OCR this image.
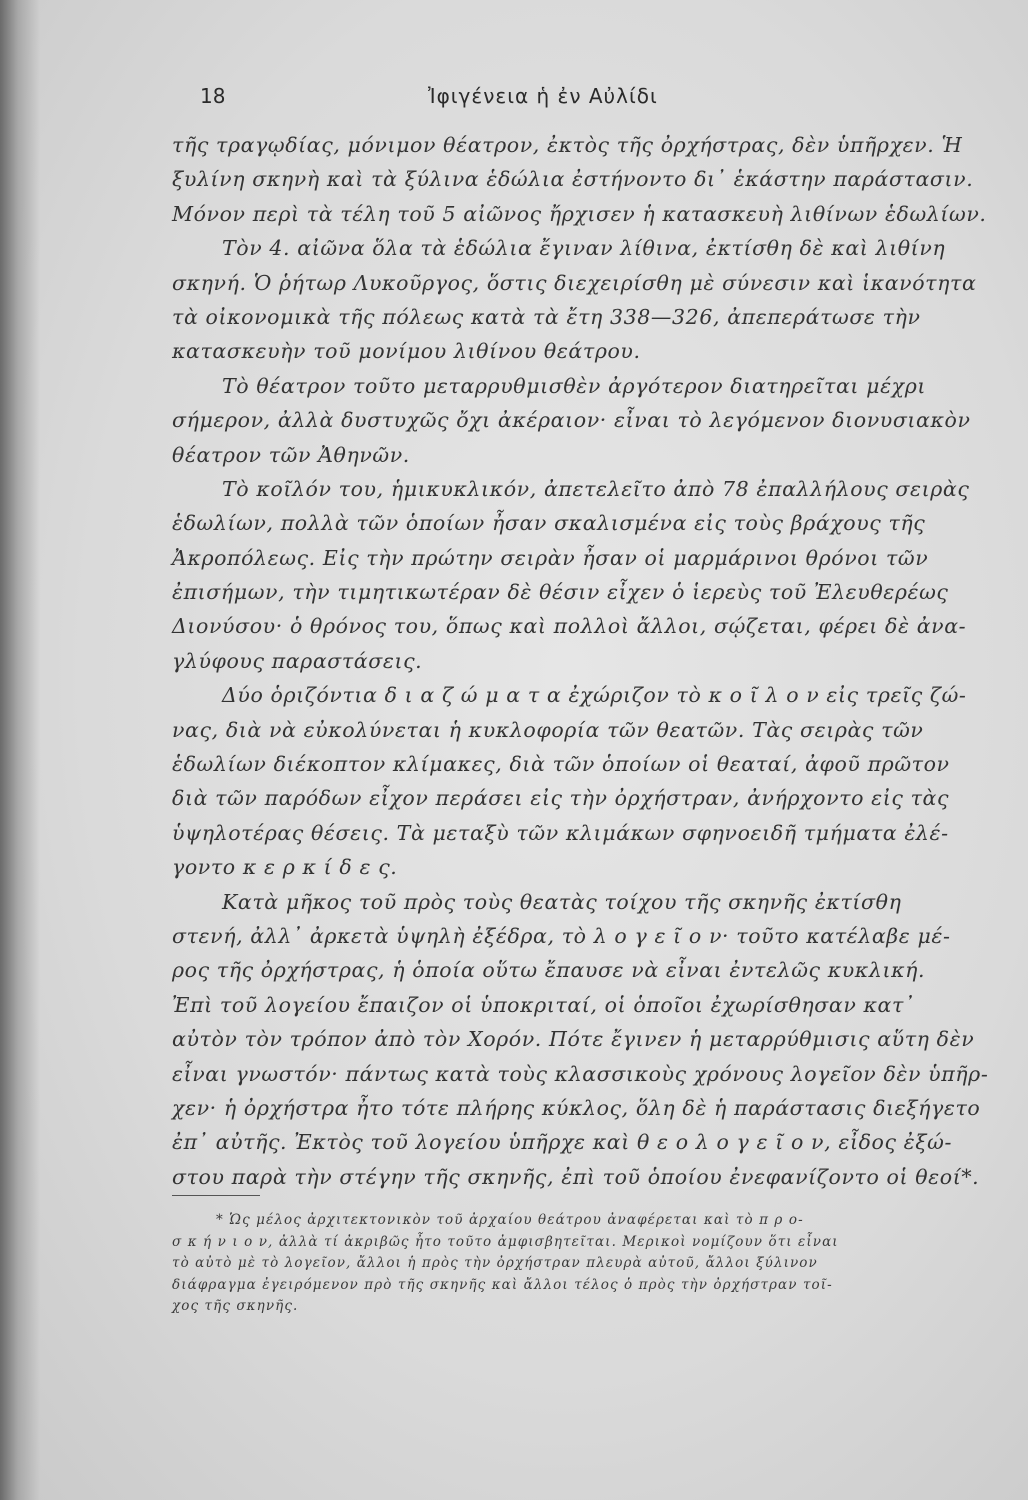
18	Ἰφιγένεια ἡ ἐν Αὐλίδι
τῆς τραγῳδίας, μόνιμον θέατρον, ἐκτὸς τῆς ὀρχήστρας, δὲν ὑπῆρχεν. Ἡ
ξυλίνη σκηνὴ καὶ τὰ ξύλινα ἑδώλια ἐστήνοντο δι᾽ ἑκάστην παράστασιν.
Μόνον περὶ τὰ τέλη τοῦ 5 αἰῶνος ἤρχισεν ἡ κατασκευὴ λιθίνων ἑδωλίων.
Τὸν 4. αἰῶνα ὅλα τὰ ἑδώλια ἔγιναν λίθινα, ἐκτίσθη δὲ καὶ λιθίνη
σκηνή. Ὁ ῥήτωρ Λυκοῦργος, ὅστις διεχειρίσθη μὲ σύνεσιν καὶ ἱκανότητα
τὰ οἰκονομικὰ τῆς πόλεως κατὰ τὰ ἔτη 338—326, ἀπεπεράτωσε τὴν
κατασκευὴν τοῦ μονίμου λιθίνου θεάτρου.
Τὸ θέατρον τοῦτο μεταρρυθμισθὲν ἀργότερον διατηρεῖται μέχρι
σήμερον, ἀλλὰ δυστυχῶς ὄχι ἀκέραιον· εἶναι τὸ λεγόμενον διονυσιακὸν
θέατρον τῶν Ἀθηνῶν.
Τὸ κοῖλόν του, ἡμικυκλικόν, ἀπετελεῖτο ἀπὸ 78 ἐπαλλήλους σειρὰς
ἑδωλίων, πολλὰ τῶν ὁποίων ἦσαν σκαλισμένα εἰς τοὺς βράχους τῆς
Ἀκροπόλεως. Εἰς τὴν πρώτην σειρὰν ἦσαν οἱ μαρμάρινοι θρόνοι τῶν
ἐπισήμων, τὴν τιμητικωτέραν δὲ θέσιν εἶχεν ὁ ἱερεὺς τοῦ Ἐλευθερέως
Διονύσου· ὁ θρόνος του, ὅπως καὶ πολλοὶ ἄλλοι, σῴζεται, φέρει δὲ ἀνα-
γλύφους παραστάσεις.
Δύο ὁριζόντια δ ι α ζ ώ μ α τ α ἐχώριζον τὸ κ ο ῖ λ ο ν εἰς τρεῖς ζώ-
νας, διὰ νὰ εὐκολύνεται ἡ κυκλοφορία τῶν θεατῶν. Τὰς σειρὰς τῶν
ἑδωλίων διέκοπτον κλίμακες, διὰ τῶν ὁποίων οἱ θεαταί, ἀφοῦ πρῶτον
διὰ τῶν παρόδων εἶχον περάσει εἰς τὴν ὀρχήστραν, ἀνήρχοντο εἰς τὰς
ὑψηλοτέρας θέσεις. Τὰ μεταξὺ τῶν κλιμάκων σφηνοειδῆ τμήματα ἐλέ-
γοντο κ ε ρ κ ί δ ε ς.
Κατὰ μῆκος τοῦ πρὸς τοὺς θεατὰς τοίχου τῆς σκηνῆς ἐκτίσθη
στενή, ἀλλ᾽ ἀρκετὰ ὑψηλὴ ἐξέδρα, τὸ λ ο γ ε ῖ ο ν· τοῦτο κατέλαβε μέ-
ρος τῆς ὀρχήστρας, ἡ ὁποία οὕτω ἔπαυσε νὰ εἶναι ἐντελῶς κυκλική.
Ἐπὶ τοῦ λογείου ἔπαιζον οἱ ὑποκριταί, οἱ ὁποῖοι ἐχωρίσθησαν κατ᾽
αὐτὸν τὸν τρόπον ἀπὸ τὸν Χορόν. Πότε ἔγινεν ἡ μεταρρύθμισις αὕτη δὲν
εἶναι γνωστόν· πάντως κατὰ τοὺς κλασσικοὺς χρόνους λογεῖον δὲν ὑπῆρ-
χεν· ἡ ὀρχήστρα ἦτο τότε πλήρης κύκλος, ὅλη δὲ ἡ παράστασις διεξήγετο
ἐπ᾽ αὐτῆς. Ἐκτὸς τοῦ λογείου ὑπῆρχε καὶ θ ε ο λ ο γ ε ῖ ο ν, εἶδος ἐξώ-
στου παρὰ τὴν στέγην τῆς σκηνῆς, ἐπὶ τοῦ ὁποίου ἐνεφανίζοντο οἱ θεοί*.
* Ὡς μέλος ἀρχιτεκτονικὸν τοῦ ἀρχαίου θεάτρου ἀναφέρεται καὶ τὸ π ρ ο-
σ κ ή ν ι ο ν, ἀλλὰ τί ἀκριβῶς ἦτο τοῦτο ἀμφισβητεῖται. Μερικοὶ νομίζουν ὅτι εἶναι
τὸ αὐτὸ μὲ τὸ λογεῖον, ἄλλοι ἡ πρὸς τὴν ὀρχήστραν πλευρὰ αὐτοῦ, ἄλλοι ξύλινον
διάφραγμα ἐγειρόμενον πρὸ τῆς σκηνῆς καὶ ἄλλοι τέλος ὁ πρὸς τὴν ὀρχήστραν τοῖ-
χος τῆς σκηνῆς.
